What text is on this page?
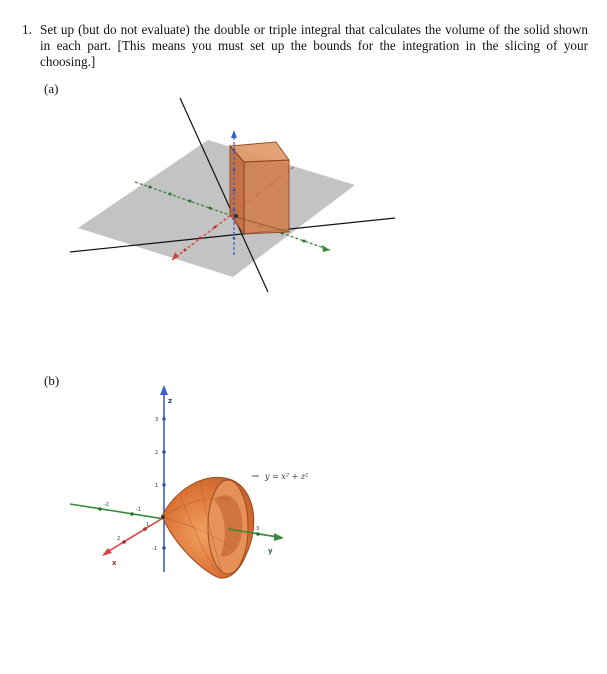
1. Set up (but do not evaluate) the double or triple integral that calculates the volume of the solid shown in each part. [This means you must set up the bounds for the integration in the slicing of your choosing.]
(a)
(b)
z
3
2
1
-1
-2
-1
1
2
x
3
y
y = x² + z²
